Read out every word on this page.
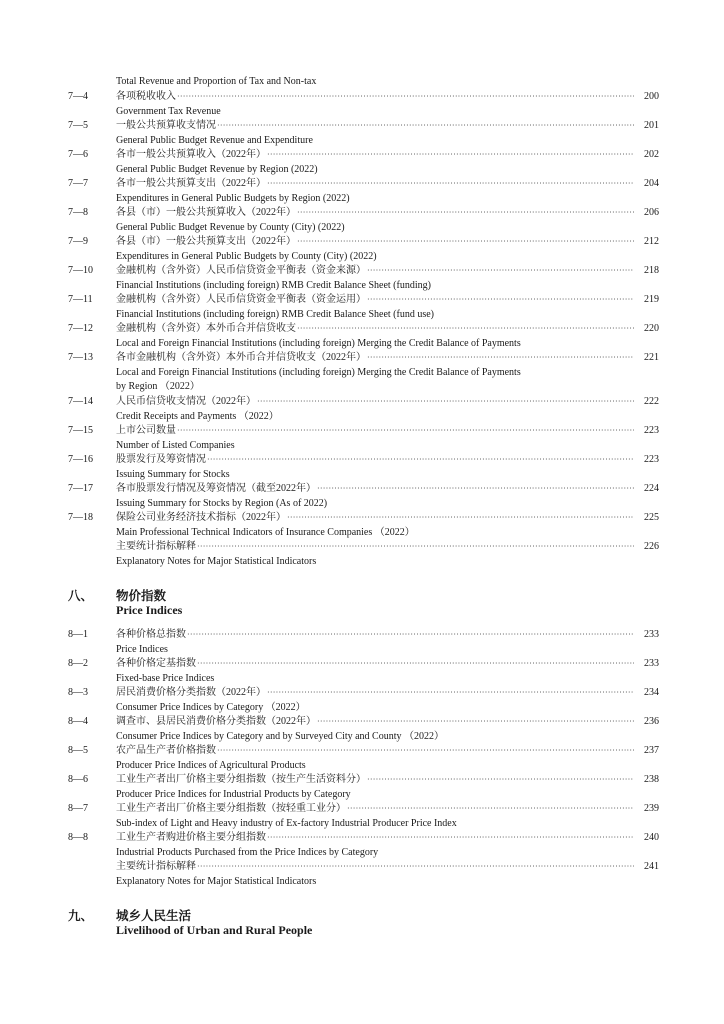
Total Revenue and Proportion of Tax and Non-tax
八、 物价指数
Price Indices
九、 城乡人民生活
Livelihood of Urban and Rural People
7—4	各项税收收入 ·····	200
Government Tax Revenue
7—5	一般公共预算收支情况 ·····	201
General Public Budget Revenue and Expenditure
7—6	各市一般公共预算收入（2022年） ·····	202
General Public Budget Revenue by Region (2022)
7—7	各市一般公共预算支出（2022年） ·····	204
Expenditures in General Public Budgets by Region (2022)
7—8	各县（市）一般公共预算收入（2022年） ·····	206
General Public Budget Revenue by County (City) (2022)
7—9	各县（市）一般公共预算支出（2022年） ·····	212
Expenditures in General Public Budgets by County (City) (2022)
7—10 金融机构（含外资）人民币信贷资金平衡表（资金来源） ·····	218
Financial Institutions (including foreign) RMB Credit Balance Sheet (funding)
7—11 金融机构（含外资）人民币信贷资金平衡表（资金运用） ·····	219
Financial Institutions (including foreign) RMB Credit Balance Sheet (fund use)
7—12 金融机构（含外资）本外币合并信贷收支 ·····	220
Local and Foreign Financial Institutions (including foreign) Merging the Credit Balance of Payments
7—13 各市金融机构（含外资）本外币合并信贷收支（2022年） ·····	221
Local and Foreign Financial Institutions (including foreign) Merging the Credit Balance of Payments
by Region （2022）
7—14 人民币信贷收支情况（2022年） ·····	222
Credit Receipts and Payments （2022）
7—15 上市公司数量 ·····	223
Number of Listed Companies
7—16 股票发行及筹资情况 ·····	223
Issuing Summary for Stocks
7—17 各市股票发行情况及筹资情况（截至2022年） ·····	224
Issuing Summary for Stocks by Region (As of 2022)
7—18 保险公司业务经济技术指标（2022年） ·····	225
Main Professional Technical Indicators of Insurance Companies （2022）
主要统计指标解释 ·····	226
Explanatory Notes for Major Statistical Indicators
8—1	各种价格总指数 ·····	233
Price Indices
8—2	各种价格定基指数 ·····	233
Fixed-base Price Indices
8—3	居民消费价格分类指数（2022年） ·····	234
Consumer Price Indices by Category （2022）
8—4	调查市、县居民消费价格分类指数（2022年） ·····	236
Consumer Price Indices by Category and by Surveyed City and County （2022）
8—5	农产品生产者价格指数 ·····	237
Producer Price Indices of Agricultural Products
8—6	工业生产者出厂价格主要分组指数（按生产生活资料分） ·····	238
Producer Price Indices for Industrial Products by Category
8—7	工业生产者出厂价格主要分组指数（按轻重工业分） ·····	239
Sub-index of Light and Heavy industry of Ex-factory Industrial Producer Price Index
8—8	工业生产者购进价格主要分组指数 ·····	240
Industrial Products Purchased from the Price Indices by Category
主要统计指标解释 ·····	241
Explanatory Notes for Major Statistical Indicators
